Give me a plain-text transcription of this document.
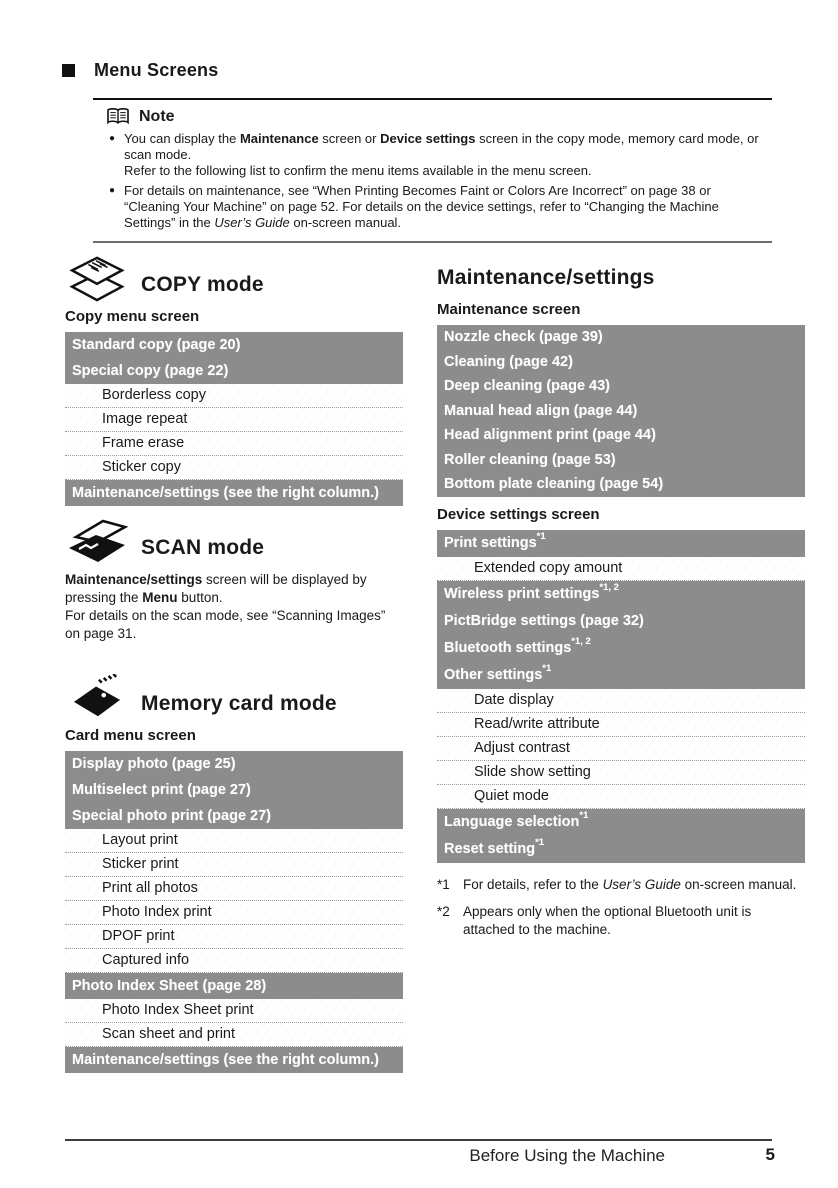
Menu Screens
Note
● You can display the Maintenance screen or Device settings screen in the copy mode, memory card mode, or scan mode.
Refer to the following list to confirm the menu items available in the menu screen.
● For details on maintenance, see “When Printing Becomes Faint or Colors Are Incorrect” on page 38 or “Cleaning Your Machine” on page 52. For details on the device settings, refer to “Changing the Machine Settings” in the User’s Guide on-screen manual.
COPY mode
Copy menu screen
Standard copy (page 20)
Special copy (page 22)
Borderless copy
Image repeat
Frame erase
Sticker copy
Maintenance/settings (see the right column.)
SCAN mode
Maintenance/settings screen will be displayed by pressing the Menu button.
For details on the scan mode, see “Scanning Images” on page 31.
Memory card mode
Card menu screen
Display photo (page 25)
Multiselect print (page 27)
Special photo print (page 27)
Layout print
Sticker print
Print all photos
Photo Index print
DPOF print
Captured info
Photo Index Sheet (page 28)
Photo Index Sheet print
Scan sheet and print
Maintenance/settings (see the right column.)
Maintenance/settings
Maintenance screen
Nozzle check (page 39)
Cleaning (page 42)
Deep cleaning (page 43)
Manual head align (page 44)
Head alignment print (page 44)
Roller cleaning (page 53)
Bottom plate cleaning (page 54)
Device settings screen
Print settings$^{*1}$
Extended copy amount
Wireless print settings$^{*1, 2}$
PictBridge settings (page 32)
Bluetooth settings$^{*1, 2}$
Other settings$^{*1}$
Date display
Read/write attribute
Adjust contrast
Slide show setting
Quiet mode
Language selection$^{*1}$
Reset setting$^{*1}$
*1 For details, refer to the User’s Guide on-screen manual.
*2 Appears only when the optional Bluetooth unit is attached to the machine.
Before Using the Machine	5
